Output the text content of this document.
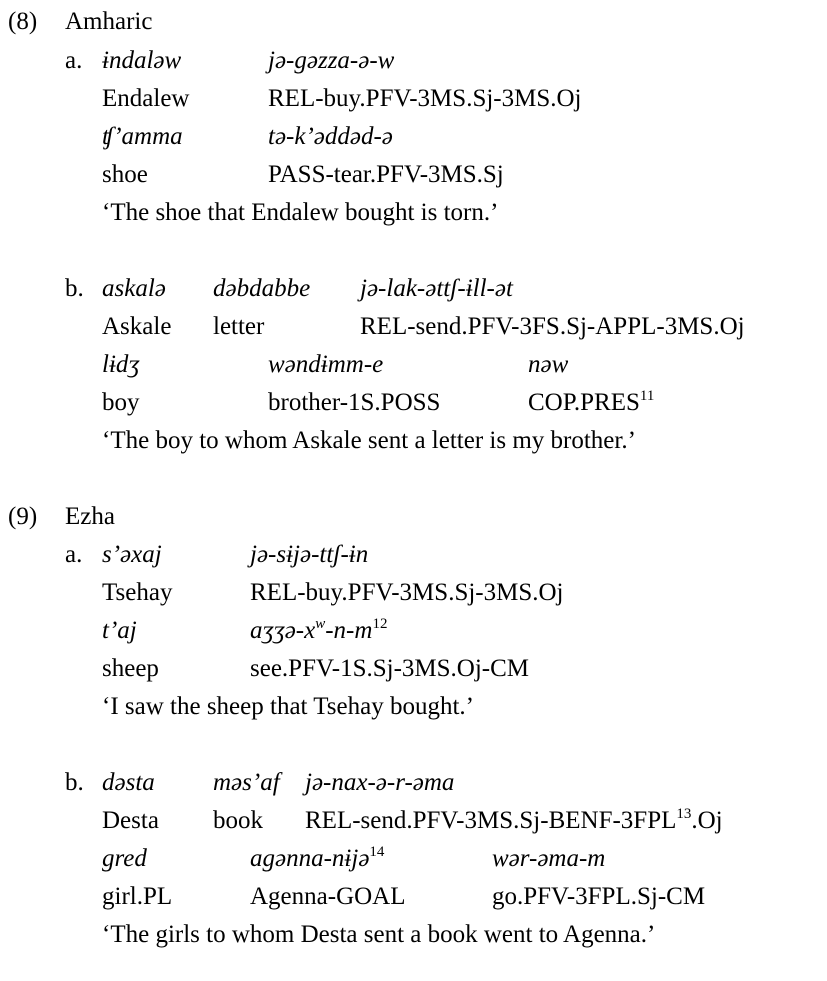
(8) Amharic
a. ɨndaləw	jə-gəzza-ə-w
Endalew	REL-buy.PFV-3MS.Sj-3MS.Oj
ʧ’amma	tə-k’əddəd-ə
shoe	PASS-tear.PFV-3MS.Sj
‘The shoe that Endalew bought is torn.’
b. askalə dəbdabbe jə-lak-əttʃ-ɨll-ət
Askale letter	REL-send.PFV-3FS.Sj-APPL-3MS.Oj
lɨdʒ	wəndɨmm-e	nəw
boy	brother-1S.POSS	COP.PRES$^{11}$
‘The boy to whom Askale sent a letter is my brother.’
(9) Ezha
a. s’əxaj	jə-sɨjə-ttʃ-ɨn
Tsehay	REL-buy.PFV-3MS.Sj-3MS.Oj
t’aj	aʒʒə-$x^w-n-m^{12}$
sheep	see.PFV-1S.Sj-3MS.Oj-CM
‘I saw the sheep that Tsehay bought.’
b. dəsta məs’af jə-nax-ə-r-əma
Desta book REL-send.PFV-3MS.Sj-BENF-3FPL$^{13}$.Oj
gred	agənna-nɨjə$^{14}$	wər-əma-m
girl.PL	Agenna-GOAL	go.PFV-3FPL.Sj-CM
‘The girls to whom Desta sent a book went to Agenna.’
